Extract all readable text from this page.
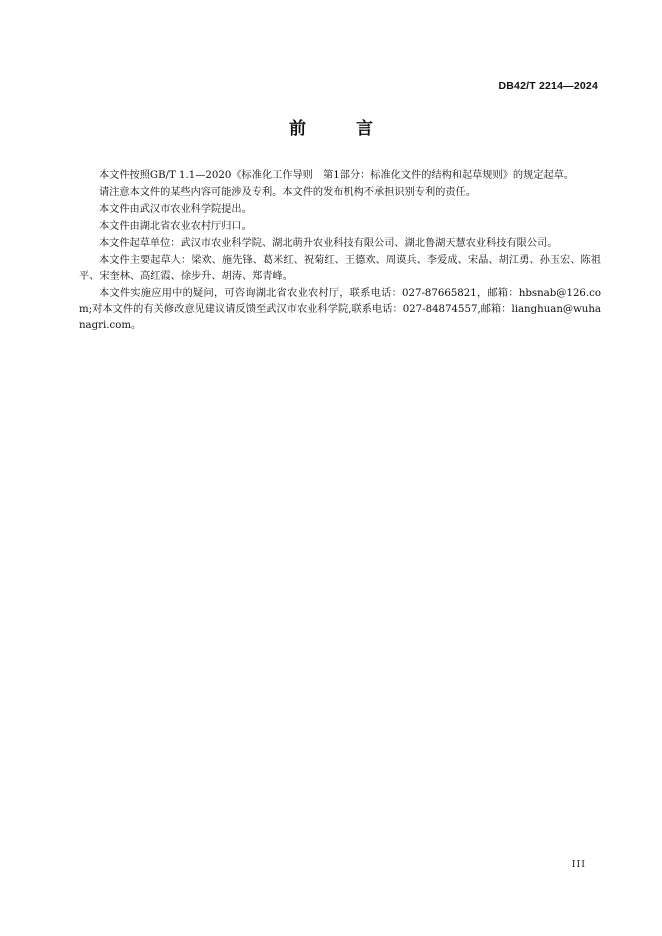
DB42/T 2214—2024
前 言

本文件按照GB/T 1.1—2020《标准化工作导则　第1部分：标准化文件的结构和起草规则》的规定起草。

请注意本文件的某些内容可能涉及专利。本文件的发布机构不承担识别专利的责任。

本文件由武汉市农业科学院提出。

本文件由湖北省农业农村厅归口。

本文件起草单位：武汉市农业科学院、湖北萌升农业科技有限公司、湖北鲁湖天慧农业科技有限公司。

本文件主要起草人：梁欢、施先锋、葛米红、祝菊红、王德欢、周谟兵、李爱成、宋晶、胡江勇、孙玉宏、陈祖平、宋奎林、高红霞、徐步升、胡涛、郑青峰。

本文件实施应用中的疑问，可咨询湖北省农业农村厅，联系电话：027-87665821，邮箱：hbsnab@126.com;对本文件的有关修改意见建议请反馈至武汉市农业科学院,联系电话：027-84874557,邮箱：lianghuan@wuhanagri.com。

III
